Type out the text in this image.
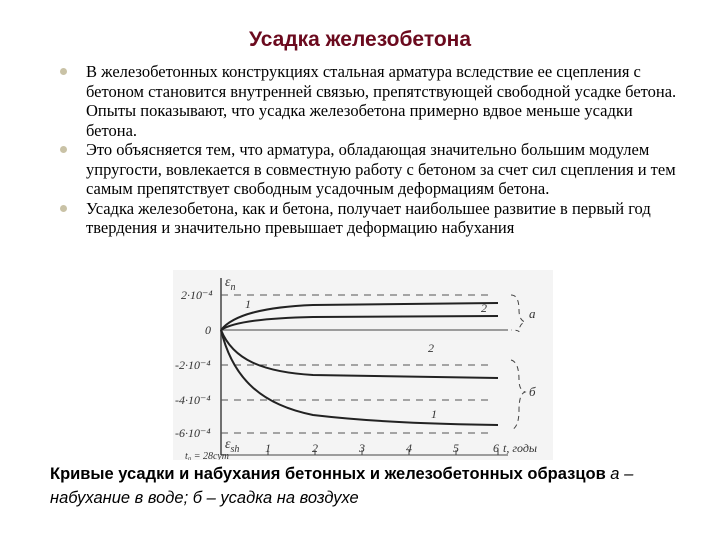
Усадка железобетона
В железобетонных конструкциях стальная арматура вследствие ее сцепления с бетоном становится внутренней связью, препятствующей свободной усадке бетона. Опыты показывают, что усадка железобетона примерно вдвое меньше усадки бетона.
Это объясняется тем, что арматура, обладающая значительно большим модулем упругости, вовлекается в совместную работу с бетоном за счет сил сцепления и тем самым препятствует свободным усадочным деформациям бетона.
Усадка железобетона, как и бетона, получает наибольшее развитие в первый год твердения и значительно превышает деформацию набухания
2·10⁻⁴
0
-2·10⁻⁴
-4·10⁻⁴
-6·10⁻⁴
$\varepsilon_n$
$\varepsilon_{sh}$ 1	2	3	4	5	6 t, годы
t₀ = 28сут
1	2
2
1
а
б
Кривые усадки и набухания бетонных и железобетонных образцов а – набухание в воде; б – усадка на воздухе
